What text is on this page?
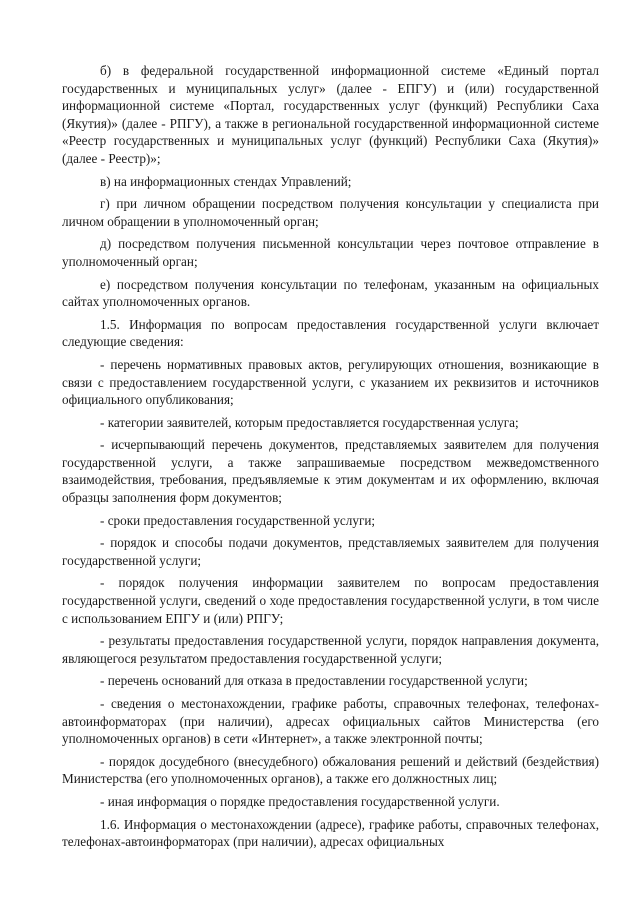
б) в федеральной государственной информационной системе «Единый портал государственных и муниципальных услуг» (далее - ЕПГУ) и (или) государственной информационной системе «Портал, государственных услуг (функций) Республики Саха (Якутия)» (далее - РПГУ), а также в региональной государственной информационной системе «Реестр государственных и муниципальных услуг (функций) Республики Саха (Якутия)» (далее - Реестр)»;

в) на информационных стендах Управлений;

г) при личном обращении посредством получения консультации у специалиста при личном обращении в уполномоченный орган;

д) посредством получения письменной консультации через почтовое отправление в уполномоченный орган;

е) посредством получения консультации по телефонам, указанным на официальных сайтах уполномоченных органов.

1.5. Информация по вопросам предоставления государственной услуги включает следующие сведения:

- перечень нормативных правовых актов, регулирующих отношения, возникающие в связи с предоставлением государственной услуги, с указанием их реквизитов и источников официального опубликования;

- категории заявителей, которым предоставляется государственная услуга;

- исчерпывающий перечень документов, представляемых заявителем для получения государственной услуги, а также запрашиваемые посредством межведомственного взаимодействия, требования, предъявляемые к этим документам и их оформлению, включая образцы заполнения форм документов;

- сроки предоставления государственной услуги;

- порядок и способы подачи документов, представляемых заявителем для получения государственной услуги;

- порядок получения информации заявителем по вопросам предоставления государственной услуги, сведений о ходе предоставления государственной услуги, в том числе с использованием ЕПГУ и (или) РПГУ;

- результаты предоставления государственной услуги, порядок направления документа, являющегося результатом предоставления государственной услуги;

- перечень оснований для отказа в предоставлении государственной услуги;

- сведения о местонахождении, графике работы, справочных телефонах, телефонах-автоинформаторах (при наличии), адресах официальных сайтов Министерства (его уполномоченных органов) в сети «Интернет», а также электронной почты;

- порядок досудебного (внесудебного) обжалования решений и действий (бездействия) Министерства (его уполномоченных органов), а также его должностных лиц;

- иная информация о порядке предоставления государственной услуги.

1.6. Информация о местонахождении (адресе), графике работы, справочных телефонах, телефонах-автоинформаторах (при наличии), адресах официальных
